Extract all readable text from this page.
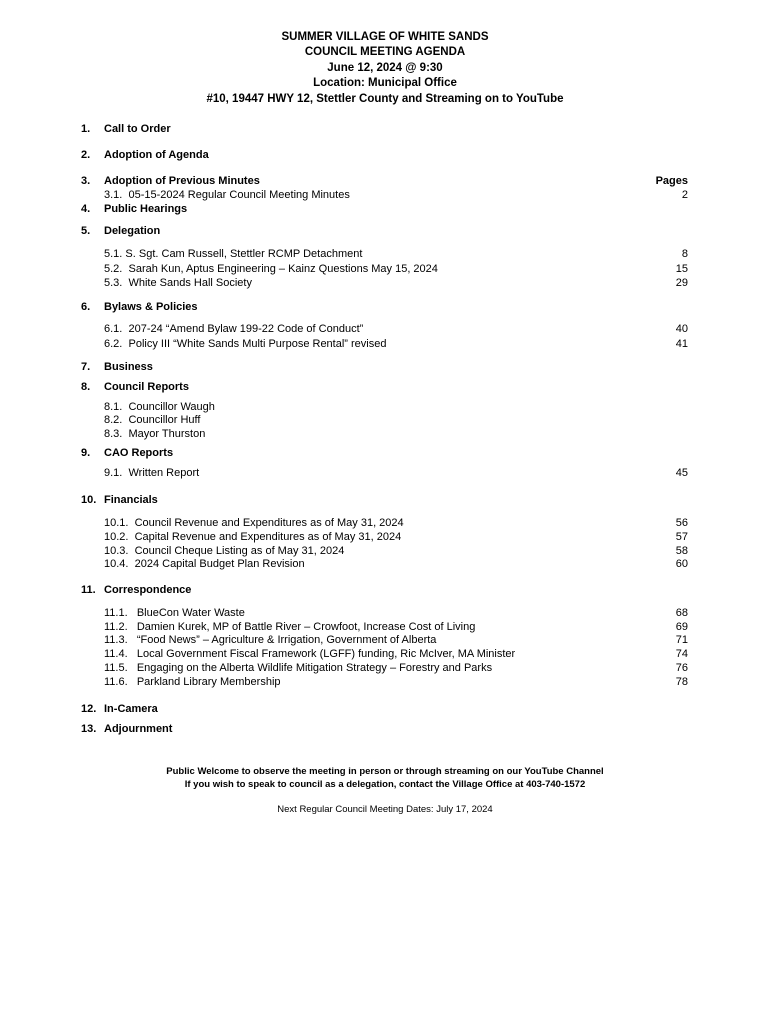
SUMMER VILLAGE OF WHITE SANDS
COUNCIL MEETING AGENDA
June 12, 2024 @ 9:30
Location: Municipal Office
#10, 19447 HWY 12, Stettler County and Streaming on to YouTube
1. Call to Order
2. Adoption of Agenda
3. Adoption of Previous Minutes	Pages
3.1. 05-15-2024 Regular Council Meeting Minutes	2
4. Public Hearings
5. Delegation
5.1. S. Sgt. Cam Russell, Stettler RCMP Detachment	8
5.2. Sarah Kun, Aptus Engineering – Kainz Questions May 15, 2024	15
5.3. White Sands Hall Society	29
6. Bylaws & Policies
6.1. 207-24 “Amend Bylaw 199-22 Code of Conduct”	40
6.2. Policy III “White Sands Multi Purpose Rental” revised	41
7. Business
8. Council Reports
8.1. Councillor Waugh
8.2. Councillor Huff
8.3. Mayor Thurston
9. CAO Reports
9.1. Written Report	45
10. Financials
10.1. Council Revenue and Expenditures as of May 31, 2024	56
10.2. Capital Revenue and Expenditures as of May 31, 2024	57
10.3. Council Cheque Listing as of May 31, 2024	58
10.4. 2024 Capital Budget Plan Revision	60
11. Correspondence
11.1. BlueCon Water Waste	68
11.2. Damien Kurek, MP of Battle River – Crowfoot, Increase Cost of Living	69
11.3. “Food News” – Agriculture & Irrigation, Government of Alberta	71
11.4. Local Government Fiscal Framework (LGFF) funding, Ric McIver, MA Minister	74
11.5. Engaging on the Alberta Wildlife Mitigation Strategy – Forestry and Parks	76
11.6. Parkland Library Membership	78
12. In-Camera
13. Adjournment
Public Welcome to observe the meeting in person or through streaming on our YouTube Channel
If you wish to speak to council as a delegation, contact the Village Office at 403-740-1572
Next Regular Council Meeting Dates: July 17, 2024
